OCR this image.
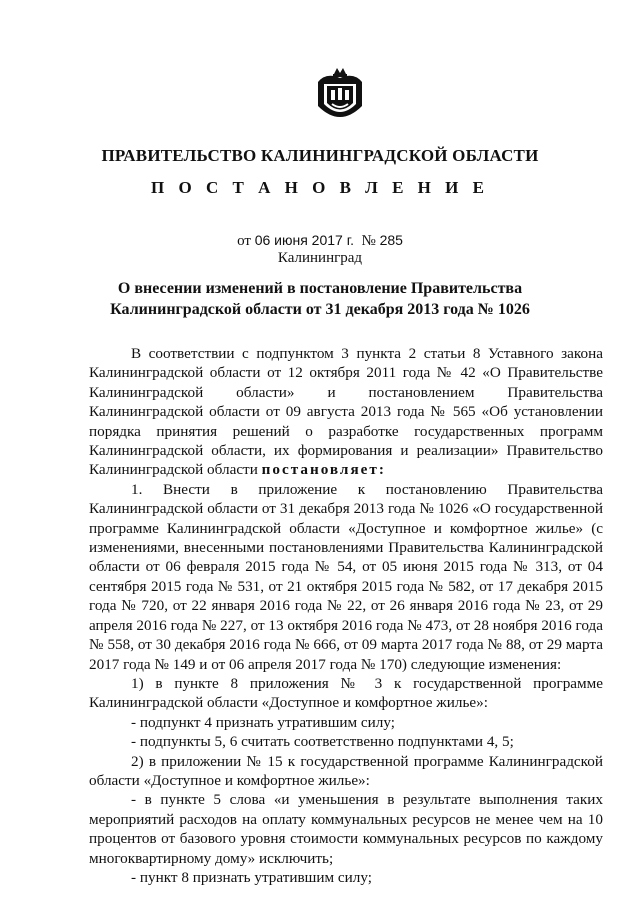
ПРАВИТЕЛЬСТВО КАЛИНИНГРАДСКОЙ ОБЛАСТИ
П О С Т А Н О В Л Е Н И Е
от 06 июня 2017 г. № 285
Калининград
О внесении изменений в постановление Правительства
Калининградской области от 31 декабря 2013 года № 1026

В соответствии с подпунктом 3 пункта 2 статьи 8 Уставного закона Калининградской области от 12 октября 2011 года № 42 «О Правительстве Калининградской области» и постановлением Правительства Калининградской области от 09 августа 2013 года № 565 «Об установлении порядка принятия решений о разработке государственных программ Калининградской области, их формирования и реализации» Правительство Калининградской области постановляет:

1. Внести в приложение к постановлению Правительства Калининградской области от 31 декабря 2013 года № 1026 «О государственной программе Калининградской области «Доступное и комфортное жилье» (с изменениями, внесенными постановлениями Правительства Калининградской области от 06 февраля 2015 года № 54, от 05 июня 2015 года № 313, от 04 сентября 2015 года № 531, от 21 октября 2015 года № 582, от 17 декабря 2015 года № 720, от 22 января 2016 года № 22, от 26 января 2016 года № 23, от 29 апреля 2016 года № 227, от 13 октября 2016 года № 473, от 28 ноября 2016 года № 558, от 30 декабря 2016 года № 666, от 09 марта 2017 года № 88, от 29 марта 2017 года № 149 и от 06 апреля 2017 года № 170) следующие изменения:

1) в пункте 8 приложения № 3 к государственной программе Калининградской области «Доступное и комфортное жилье»:

- подпункт 4 признать утратившим силу;

- подпункты 5, 6 считать соответственно подпунктами 4, 5;

2) в приложении № 15 к государственной программе Калининградской области «Доступное и комфортное жилье»:

- в пункте 5 слова «и уменьшения в результате выполнения таких мероприятий расходов на оплату коммунальных ресурсов не менее чем на 10 процентов от базового уровня стоимости коммунальных ресурсов по каждому многоквартирному дому» исключить;

- пункт 8 признать утратившим силу;
